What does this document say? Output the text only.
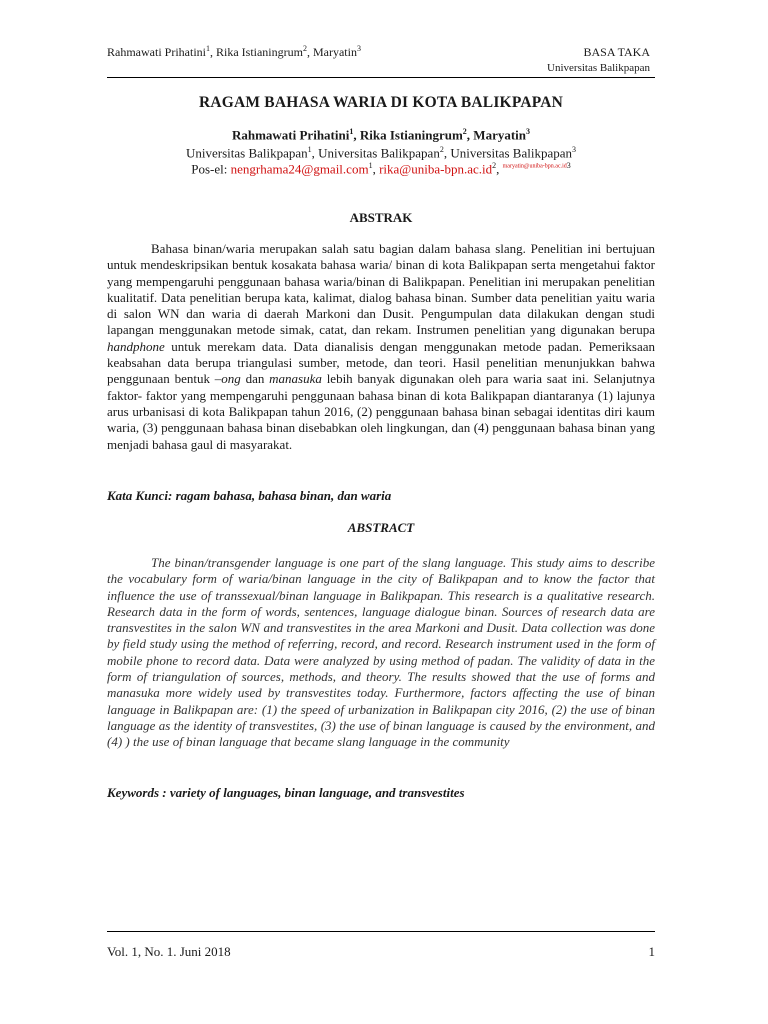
Rahmawati Prihatini$^1$, Rika Istianingrum$^2$, Maryatin$^3$	BASA TAKA
Universitas Balikpapan
RAGAM BAHASA WARIA DI KOTA BALIKPAPAN
Rahmawati Prihatini$^1$, Rika Istianingrum$^2$, Maryatin$^3$
Universitas Balikpapan$^1$, Universitas Balikpapan$^2$, Universitas Balikpapan$^3$
Pos-el: nengrhama24@gmail.com$^1$, $rika@uniba-bpn.ac.id^2$, $^{maryatin@uniba-bpn.ac.id3}$
ABSTRAK
Bahasa binan/waria merupakan salah satu bagian dalam bahasa slang. Penelitian ini bertujuan untuk mendeskripsikan bentuk kosakata bahasa waria/ binan di kota Balikpapan serta mengetahui faktor yang mempengaruhi penggunaan bahasa waria/binan di Balikpapan. Penelitian ini merupakan penelitian kualitatif. Data penelitian berupa kata, kalimat, dialog bahasa binan. Sumber data penelitian yaitu waria di salon WN dan waria di daerah Markoni dan Dusit. Pengumpulan data dilakukan dengan studi lapangan menggunakan metode simak, catat, dan rekam. Instrumen penelitian yang digunakan berupa handphone untuk merekam data. Data dianalisis dengan menggunakan metode padan. Pemeriksaan keabsahan data berupa triangulasi sumber, metode, dan teori. Hasil penelitian menunjukkan bahwa penggunaan bentuk –ong dan manasuka lebih banyak digunakan oleh para waria saat ini. Selanjutnya faktor- faktor yang mempengaruhi penggunaan bahasa binan di kota Balikpapan diantaranya (1) lajunya arus urbanisasi di kota Balikpapan tahun 2016, (2) penggunaan bahasa binan sebagai identitas diri kaum waria, (3) penggunaan bahasa binan disebabkan oleh lingkungan, dan (4) penggunaan bahasa binan yang menjadi bahasa gaul di masyarakat.
Kata Kunci: ragam bahasa, bahasa binan, dan waria
ABSTRACT
The binan/transgender language is one part of the slang language. This study aims to describe the vocabulary form of waria/binan language in the city of Balikpapan and to know the factor that influence the use of transsexual/binan language in Balikpapan. This research is a qualitative research. Research data in the form of words, sentences, language dialogue binan. Sources of research data are transvestites in the salon WN and transvestites in the area Markoni and Dusit. Data collection was done by field study using the method of referring, record, and record. Research instrument used in the form of mobile phone to record data. Data were analyzed by using method of padan. The validity of data in the form of triangulation of sources, methods, and theory. The results showed that the use of forms and manasuka more widely used by transvestites today. Furthermore, factors affecting the use of binan language in Balikpapan are: (1) the speed of urbanization in Balikpapan city 2016, (2) the use of binan language as the identity of transvestites, (3) the use of binan language is caused by the environment, and (4) ) the use of binan language that became slang language in the community
Keywords : variety of languages, binan language, and transvestites
Vol. 1, No. 1. Juni 2018	1
